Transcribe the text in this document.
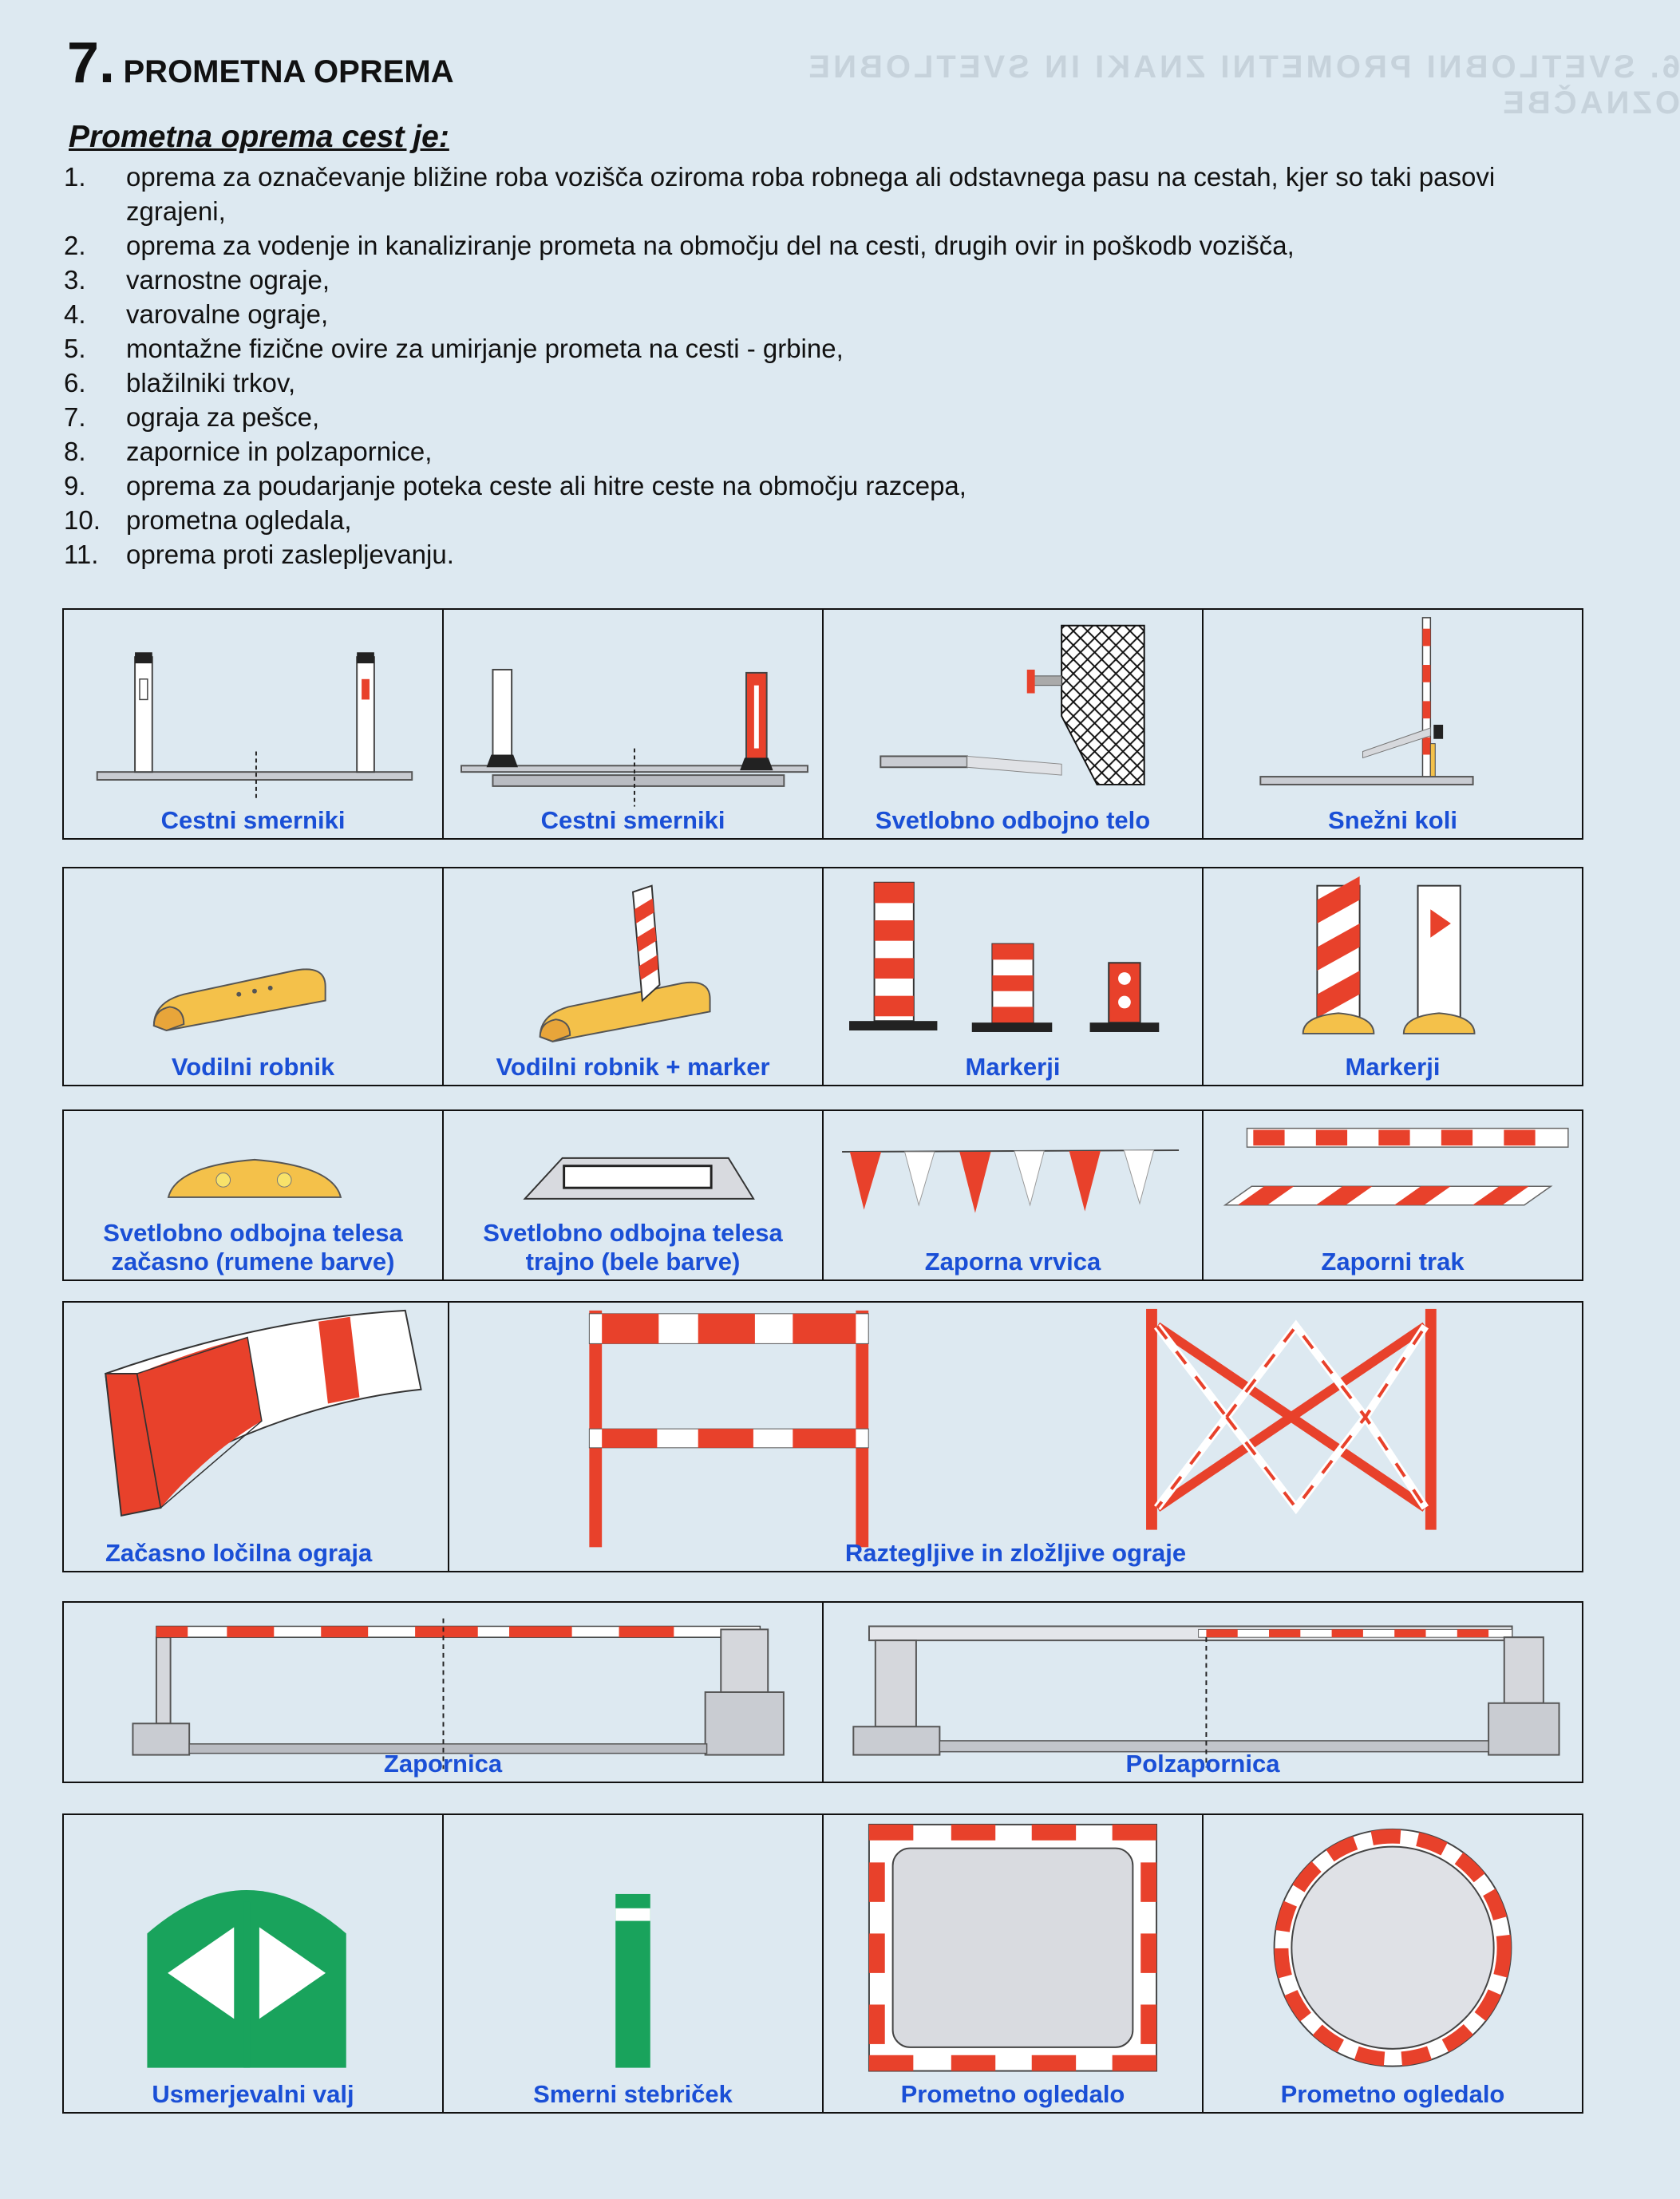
6. SVETLOBNI PROMETNI ZNAKI IN SVETLOBNE OZNAČBE
7. PROMETNA OPREMA
Prometna oprema cest je:
1.	oprema za označevanje bližine roba vozišča oziroma roba robnega ali odstavnega pasu na cestah, kjer so taki pasovi zgrajeni,
2.	oprema za vodenje in kanaliziranje prometa na območju del na cesti, drugih ovir in poškodb vozišča,
3.	varnostne ograje,
4.	varovalne ograje,
5.	montažne fizične ovire za umirjanje prometa na cesti - grbine,
6.	blažilniki trkov,
7.	ograja za pešce,
8.	zapornice in polzapornice,
9.	oprema za poudarjanje poteka ceste ali hitre ceste na območju razcepa,
10. prometna ogledala,
11.	oprema proti zaslepljevanju.
Cestni smerniki	Cestni smerniki	Svetlobno odbojno telo	Snežni koli
Vodilni robnik	Vodilni robnik + marker	Markerji	Markerji
Svetlobno odbojna telesa
začasno (rumene barve)
Svetlobno odbojna telesa
trajno (bele barve)	Zaporna vrvica	Zaporni trak
Začasno ločilna ograja	Raztegljive in zložljive ograje
Zapornica	Polzapornica
Usmerjevalni valj	Smerni stebriček	Prometno ogledalo	Prometno ogledalo
